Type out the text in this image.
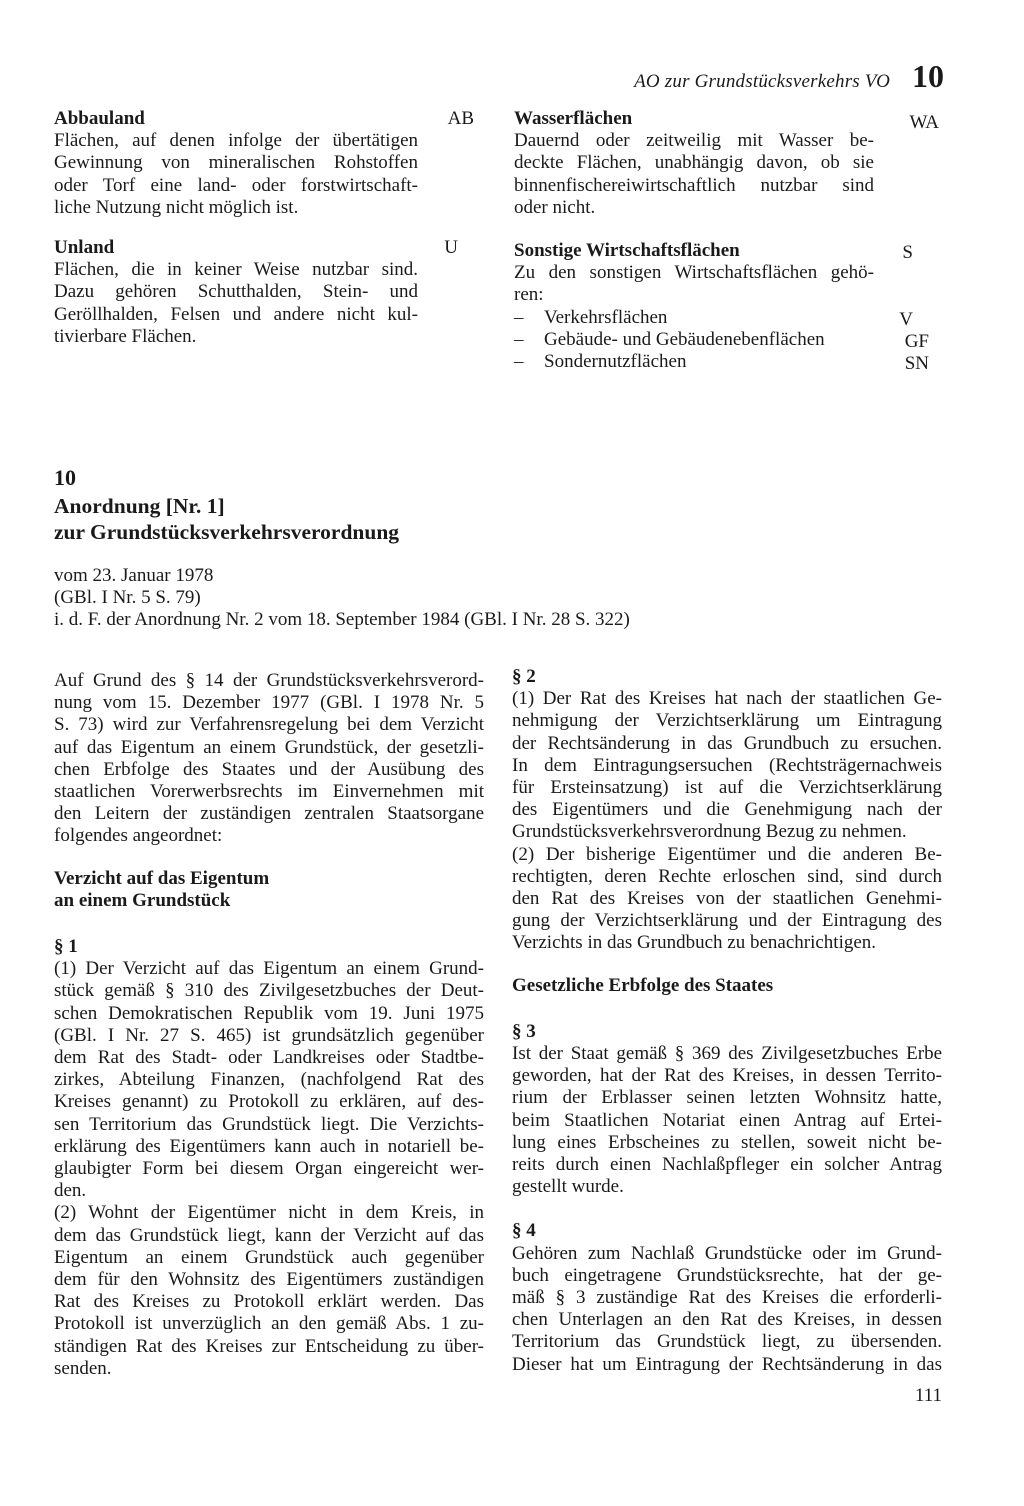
AO zur Grundstücksverkehrs VO 10
Abbauland	AB
Flächen, auf denen infolge der übertätigen
Gewinnung von mineralischen Rohstoffen
oder Torf eine land- oder forstwirtschaft-
liche Nutzung nicht möglich ist.
Unland	U
Flächen, die in keiner Weise nutzbar sind.
Dazu gehören Schutthalden, Stein- und
Geröllhalden, Felsen und andere nicht kul-
tivierbare Flächen.
Wasserflächen	WA
Dauernd oder zeitweilig mit Wasser be-
deckte Flächen, unabhängig davon, ob sie
binnenfischereiwirtschaftlich nutzbar sind
oder nicht.
Sonstige Wirtschaftsflächen	S
Zu den sonstigen Wirtschaftsflächen gehö-
ren:
–	Verkehrsflächen	V
–	Gebäude- und Gebäudenebenflächen	GF
–	Sondernutzflächen	SN
10
Anordnung [Nr. 1]
zur Grundstücksverkehrsverordnung
vom 23. Januar 1978
(GBl. I Nr. 5 S. 79)
i. d. F. der Anordnung Nr. 2 vom 18. September 1984 (GBl. I Nr. 28 S. 322)
Auf Grund des § 14 der Grundstücksverkehrsverord-
nung vom 15. Dezember 1977 (GBl. I 1978 Nr. 5
S. 73) wird zur Verfahrensregelung bei dem Verzicht
auf das Eigentum an einem Grundstück, der gesetzli-
chen Erbfolge des Staates und der Ausübung des
staatlichen Vorerwerbsrechts im Einvernehmen mit
den Leitern der zuständigen zentralen Staatsorgane
folgendes angeordnet:
Verzicht auf das Eigentum
an einem Grundstück
§ 1
(1) Der Verzicht auf das Eigentum an einem Grund-
stück gemäß § 310 des Zivilgesetzbuches der Deut-
schen Demokratischen Republik vom 19. Juni 1975
(GBl. I Nr. 27 S. 465) ist grundsätzlich gegenüber
dem Rat des Stadt- oder Landkreises oder Stadtbe-
zirkes, Abteilung Finanzen, (nachfolgend Rat des
Kreises genannt) zu Protokoll zu erklären, auf des-
sen Territorium das Grundstück liegt. Die Verzichts-
erklärung des Eigentümers kann auch in notariell be-
glaubigter Form bei diesem Organ eingereicht wer-
den.
(2) Wohnt der Eigentümer nicht in dem Kreis, in
dem das Grundstück liegt, kann der Verzicht auf das
Eigentum an einem Grundstück auch gegenüber
dem für den Wohnsitz des Eigentümers zuständigen
Rat des Kreises zu Protokoll erklärt werden. Das
Protokoll ist unverzüglich an den gemäß Abs. 1 zu-
ständigen Rat des Kreises zur Entscheidung zu über-
senden.
§ 2
(1) Der Rat des Kreises hat nach der staatlichen Ge-
nehmigung der Verzichtserklärung um Eintragung
der Rechtsänderung in das Grundbuch zu ersuchen.
In dem Eintragungsersuchen (Rechtsträgernachweis
für Ersteinsatzung) ist auf die Verzichtserklärung
des Eigentümers und die Genehmigung nach der
Grundstücksverkehrsverordnung Bezug zu nehmen.
(2) Der bisherige Eigentümer und die anderen Be-
rechtigten, deren Rechte erloschen sind, sind durch
den Rat des Kreises von der staatlichen Genehmi-
gung der Verzichtserklärung und der Eintragung des
Verzichts in das Grundbuch zu benachrichtigen.
Gesetzliche Erbfolge des Staates
§ 3
Ist der Staat gemäß § 369 des Zivilgesetzbuches Erbe
geworden, hat der Rat des Kreises, in dessen Territo-
rium der Erblasser seinen letzten Wohnsitz hatte,
beim Staatlichen Notariat einen Antrag auf Ertei-
lung eines Erbscheines zu stellen, soweit nicht be-
reits durch einen Nachlaßpfleger ein solcher Antrag
gestellt wurde.
§ 4
Gehören zum Nachlaß Grundstücke oder im Grund-
buch eingetragene Grundstücksrechte, hat der ge-
mäß § 3 zuständige Rat des Kreises die erforderli-
chen Unterlagen an den Rat des Kreises, in dessen
Territorium das Grundstück liegt, zu übersenden.
Dieser hat um Eintragung der Rechtsänderung in das
111
